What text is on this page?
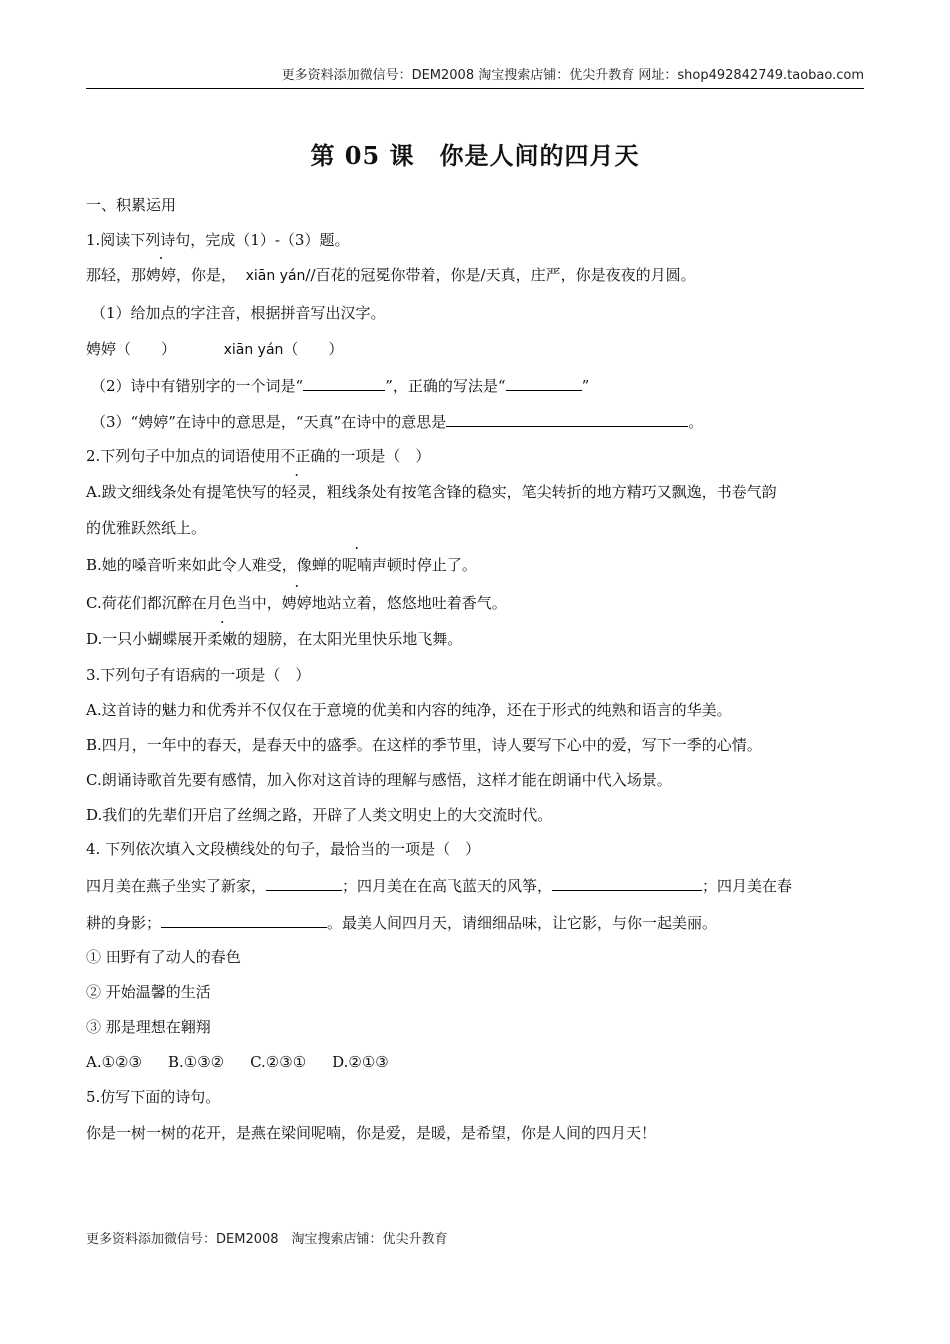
更多资料添加微信号：DEM2008 淘宝搜索店铺：优尖升教育 网址：shop492842749.taobao.com
第 05 课　你是人间的四月天
一、积累运用
1.阅读下列诗句，完成（1）-（3）题。
那轻，那娉婷，你是， xiān yán//百花的冠冕你带着，你是/天真，庄严，你是夜夜的月圆。
（1）给加点的字注音，根据拼音写出汉字。
娉婷（　　）	xiān yán（　　）
（2）诗中有错别字的一个词是“	”，正确的写法是“	”
（3）“娉婷”在诗中的意思是，“天真”在诗中的意思是	。
2.下列句子中加点的词语使用不正确的一项是（　）
A.跋文细线条处有提笔快写的轻灵，粗线条处有按笔含锋的稳实，笔尖转折的地方精巧又飘逸，书卷气韵
的优雅跃然纸上。
B.她的嗓音听来如此令人难受，像蝉的呢喃声顿时停止了。
C.荷花们都沉醉在月色当中，娉婷地站立着，悠悠地吐着香气。
D.一只小蝴蝶展开柔嫩的翅膀，在太阳光里快乐地飞舞。
3.下列句子有语病的一项是（　）
A.这首诗的魅力和优秀并不仅仅在于意境的优美和内容的纯净，还在于形式的纯熟和语言的华美。
B.四月，一年中的春天，是春天中的盛季。在这样的季节里，诗人要写下心中的爱，写下一季的心情。
C.朗诵诗歌首先要有感情，加入你对这首诗的理解与感悟，这样才能在朗诵中代入场景。
D.我们的先辈们开启了丝绸之路，开辟了人类文明史上的大交流时代。
4. 下列依次填入文段横线处的句子，最恰当的一项是（　）
四月美在燕子坐实了新家，	；四月美在在高飞蓝天的风筝，	；四月美在春
耕的身影；	。最美人间四月天，请细细品味，让它影，与你一起美丽。
① 田野有了动人的春色
② 开始温馨的生活
③ 那是理想在翱翔
A.①②③ B.①③② C.②③① D.②①③
5.仿写下面的诗句。
你是一树一树的花开，是燕在梁间呢喃，你是爱，是暖，是希望，你是人间的四月天！
更多资料添加微信号：DEM2008　淘宝搜索店铺：优尖升教育
